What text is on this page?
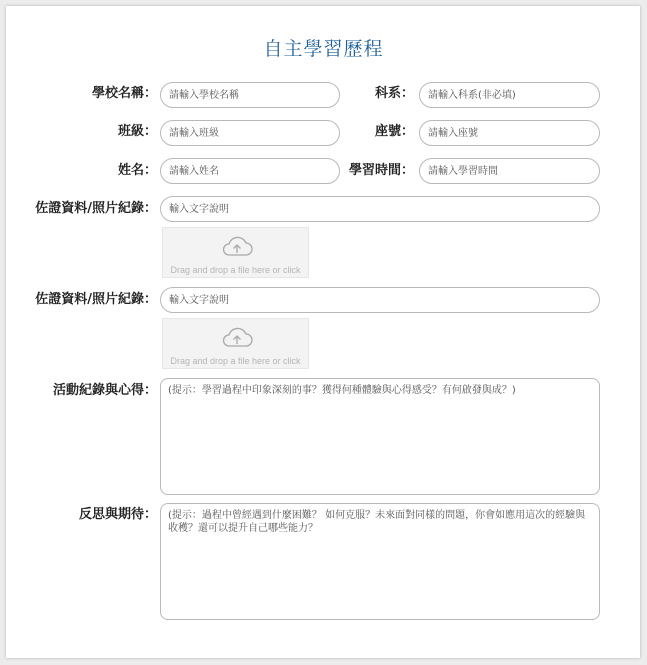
自主學習歷程
學校名稱：
請輸入學校名稱	科系：
請輸入科系(非必填)
班級：
請輸入班級	座號：
請輸入座號
姓名：
請輸入姓名	學習時間：
請輸入學習時間
佐證資料/照片紀錄：
輸入文字說明
Drag and drop a file here or click
佐證資料/照片紀錄：
輸入文字說明
Drag and drop a file here or click
活動紀錄與心得：
(提示：學習過程中印象深刻的事？獲得何種體驗與心得感受？有何啟發與成？)
反思與期待：
(提示：過程中曾經遇到什麼困難？ 如何克服？未來面對同樣的問題，你會如應用這次的經驗與收穫？還可以提升自己哪些能力？
